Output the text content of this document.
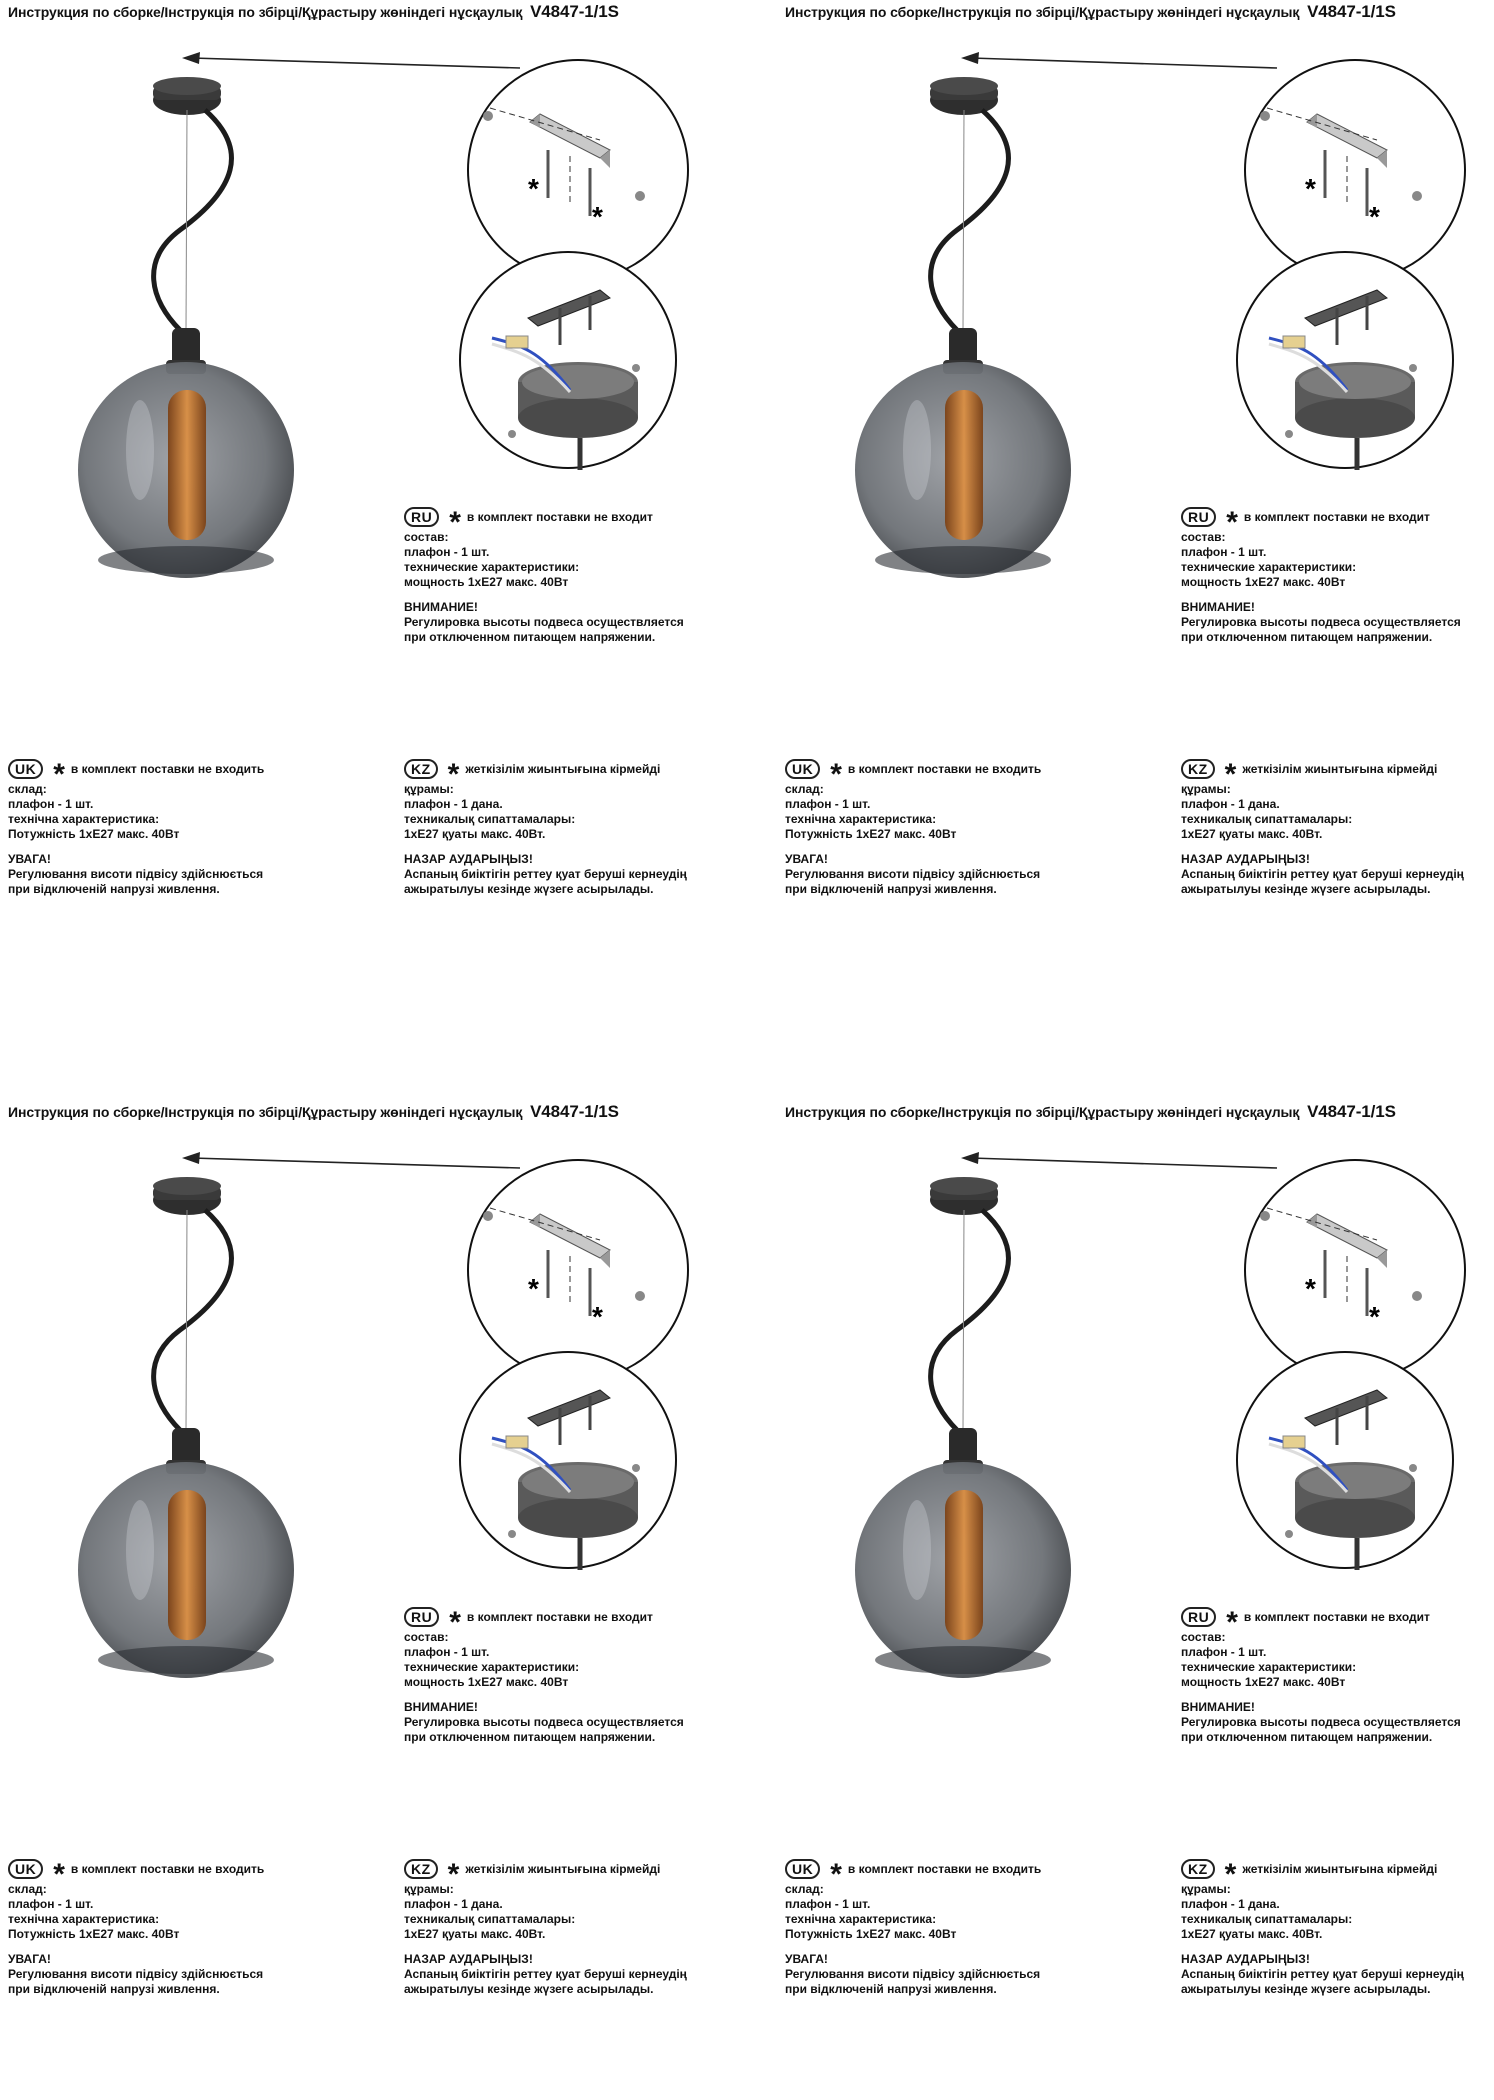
Инструкция по сборке/Інструкція по збірці/Құрастыру жөніндегі нұсқаулық V4847-1/1S
*
*
RU * в комплект поставки не входит
состав:
плафон - 1 шт.
технические характеристики:
мощность 1хЕ27 макс. 40Вт
ВНИМАНИЕ!
Регулировка высоты подвеса осуществляется
при отключенном питающем напряжении.
UK * в комплект поставки не входить
склад:
плафон - 1 шт.
технічна характеристика:
Потужність 1хЕ27 макс. 40Вт
УВАГА!
Регулювання висоти підвісу здійснюється
при відключеній напрузі живлення.
KZ * жеткізілім жиынтығына кірмейді
құрамы:
плафон - 1 дана.
техникалық сипаттамалары:
1хЕ27 қуаты макс. 40Вт.
НАЗАР АУДАРЫҢЫЗ!
Аспаның биіктігін реттеу қуат беруші кернеудің
ажыратылуы кезінде жүзеге асырылады.
Инструкция по сборке/Інструкція по збірці/Құрастыру жөніндегі нұсқаулық V4847-1/1S
*
*
RU * в комплект поставки не входит
состав:
плафон - 1 шт.
технические характеристики:
мощность 1хЕ27 макс. 40Вт
ВНИМАНИЕ!
Регулировка высоты подвеса осуществляется
при отключенном питающем напряжении.
UK * в комплект поставки не входить
склад:
плафон - 1 шт.
технічна характеристика:
Потужність 1хЕ27 макс. 40Вт
УВАГА!
Регулювання висоти підвісу здійснюється
при відключеній напрузі живлення.
KZ * жеткізілім жиынтығына кірмейді
құрамы:
плафон - 1 дана.
техникалық сипаттамалары:
1хЕ27 қуаты макс. 40Вт.
НАЗАР АУДАРЫҢЫЗ!
Аспаның биіктігін реттеу қуат беруші кернеудің
ажыратылуы кезінде жүзеге асырылады.
Инструкция по сборке/Інструкція по збірці/Құрастыру жөніндегі нұсқаулық V4847-1/1S
*
*
RU * в комплект поставки не входит
состав:
плафон - 1 шт.
технические характеристики:
мощность 1хЕ27 макс. 40Вт
ВНИМАНИЕ!
Регулировка высоты подвеса осуществляется
при отключенном питающем напряжении.
UK * в комплект поставки не входить
склад:
плафон - 1 шт.
технічна характеристика:
Потужність 1хЕ27 макс. 40Вт
УВАГА!
Регулювання висоти підвісу здійснюється
при відключеній напрузі живлення.
KZ * жеткізілім жиынтығына кірмейді
құрамы:
плафон - 1 дана.
техникалық сипаттамалары:
1хЕ27 қуаты макс. 40Вт.
НАЗАР АУДАРЫҢЫЗ!
Аспаның биіктігін реттеу қуат беруші кернеудің
ажыратылуы кезінде жүзеге асырылады.
Инструкция по сборке/Інструкція по збірці/Құрастыру жөніндегі нұсқаулық V4847-1/1S
*
*
RU * в комплект поставки не входит
состав:
плафон - 1 шт.
технические характеристики:
мощность 1хЕ27 макс. 40Вт
ВНИМАНИЕ!
Регулировка высоты подвеса осуществляется
при отключенном питающем напряжении.
UK * в комплект поставки не входить
склад:
плафон - 1 шт.
технічна характеристика:
Потужність 1хЕ27 макс. 40Вт
УВАГА!
Регулювання висоти підвісу здійснюється
при відключеній напрузі живлення.
KZ * жеткізілім жиынтығына кірмейді
құрамы:
плафон - 1 дана.
техникалық сипаттамалары:
1хЕ27 қуаты макс. 40Вт.
НАЗАР АУДАРЫҢЫЗ!
Аспаның биіктігін реттеу қуат беруші кернеудің
ажыратылуы кезінде жүзеге асырылады.
